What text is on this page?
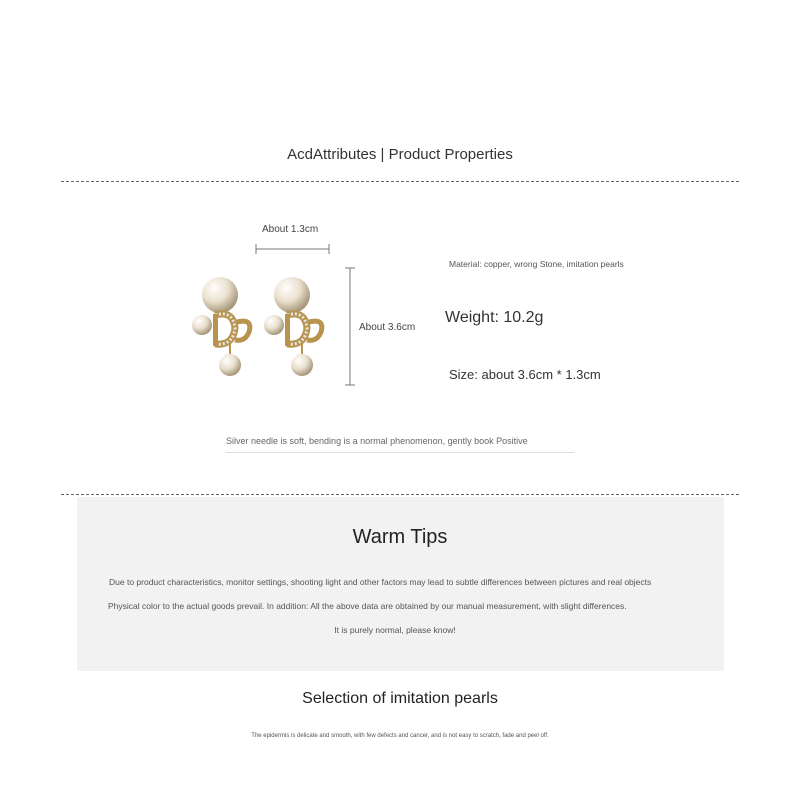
AcdAttributes | Product Properties
About 1.3cm
About 3.6cm
Material: copper, wrong Stone, imitation pearls
Weight: 10.2g
Size: about 3.6cm * 1.3cm
Silver needle is soft, bending is a normal phenomenon, gently book Positive
Warm Tips
Due to product characteristics, monitor settings, shooting light and other factors may lead to subtle differences between pictures and real objects
Physical color to the actual goods prevail. In addition: All the above data are obtained by our manual measurement, with slight differences.
It is purely normal, please know!
Selection of imitation pearls
The epidermis is delicate and smooth, with few defects and cancer, and is not easy to scratch, fade and peel off.
